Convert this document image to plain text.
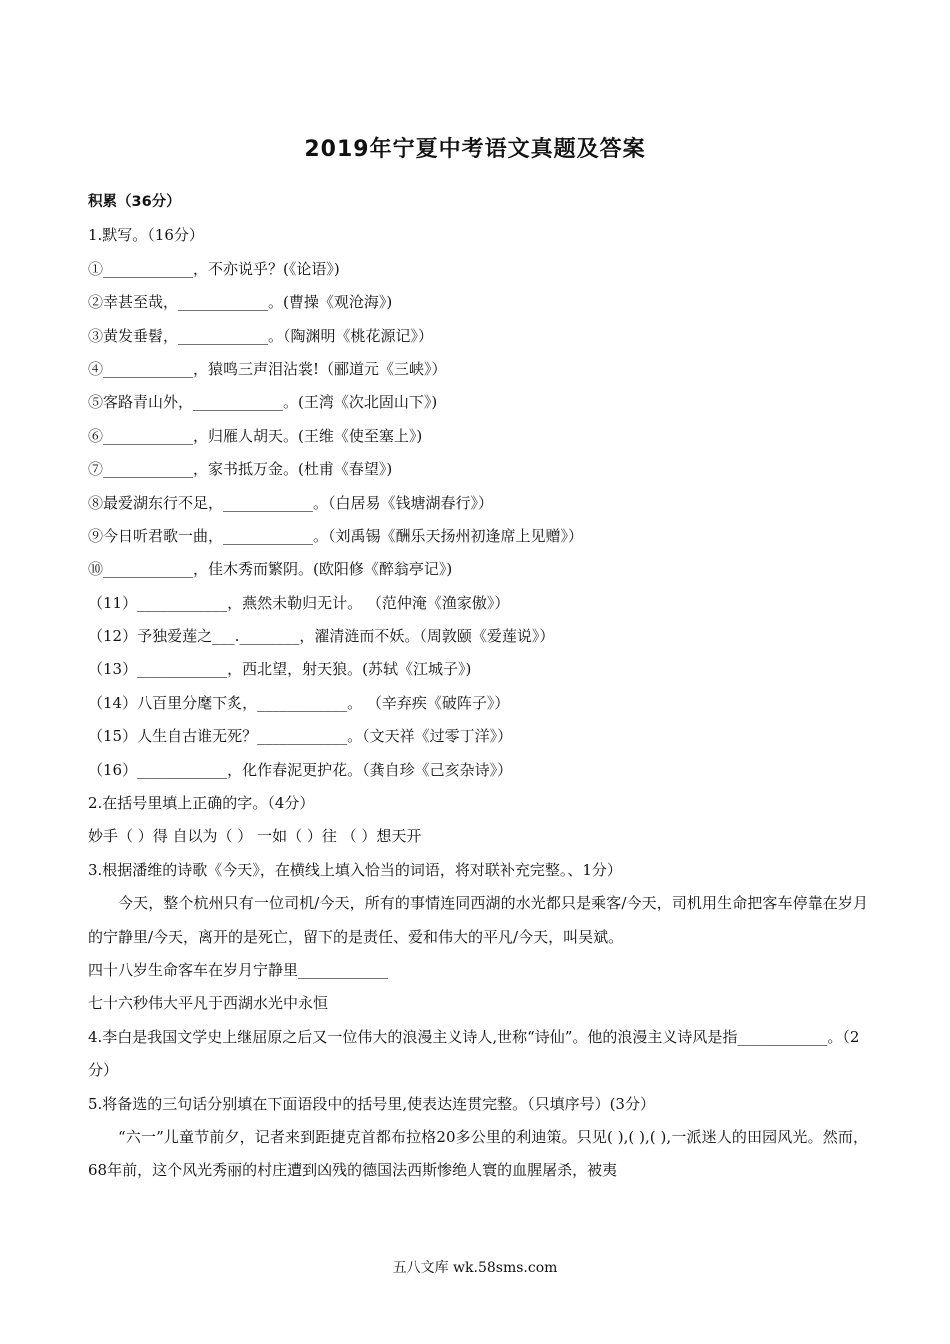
2019年宁夏中考语文真题及答案
积累（36分）
1.默写。（16分）
①____________，不亦说乎？(《论语》)
②幸甚至哉，____________。(曹操《观沧海》)
③黄发垂髫，____________。（陶渊明《桃花源记》）
④____________，猿鸣三声泪沾裳!（郦道元《三峡》）
⑤客路青山外，____________。(王湾《次北固山下》)
⑥____________，归雁人胡天。(王维《使至塞上》)
⑦____________，家书抵万金。(杜甫《春望》)
⑧最爱湖东行不足，____________。（白居易《钱塘湖春行》）
⑨今日听君歌一曲，____________。（刘禹锡《酬乐天扬州初逢席上见赠》）
⑩____________，佳木秀而繁阴。(欧阳修《醉翁亭记》)
（11）____________，燕然未勒归无计。 （范仲淹《渔家傲》）
（12）予独爱莲之___.________，濯清涟而不妖。（周敦颐《爱莲说》）
（13）____________，西北望，射天狼。(苏轼《江城子》)
（14）八百里分麾下炙，____________。 （辛弃疾《破阵子》）
（15）人生自古谁无死？____________。（文天祥《过零丁洋》）
（16）____________，化作春泥更护花。（龚自珍《己亥杂诗》）
2.在括号里填上正确的字。（4分）
妙手（ ）得 自以为（ ） 一如（ ）往 （ ）想天开
3.根据潘维的诗歌《今天》，在横线上填入恰当的词语，将对联补充完整。、1分）

今天，整个杭州只有一位司机/今天，所有的事情连同西湖的水光都只是乘客/今天，司机用生命把客车停靠在岁月的宁静里/今天，离开的是死亡，留下的是责任、爱和伟大的平凡/今天，叫吴斌。

四十八岁生命客车在岁月宁静里____________
七十六秒伟大平凡于西湖水光中永恒

4.李白是我国文学史上继屈原之后又一位伟大的浪漫主义诗人,世称“诗仙”。他的浪漫主义诗风是指____________。（2分）

5.将备选的三句话分别填在下面语段中的括号里,使表达连贯完整。（只填序号）(3分）

“六一”儿童节前夕，记者来到距捷克首都布拉格20多公里的利迪策。只见( ),( ),( ),一派迷人的田园风光。然而，68年前，这个风光秀丽的村庄遭到凶残的德国法西斯惨绝人寰的血腥屠杀，被夷

五八文库 wk.58sms.com
